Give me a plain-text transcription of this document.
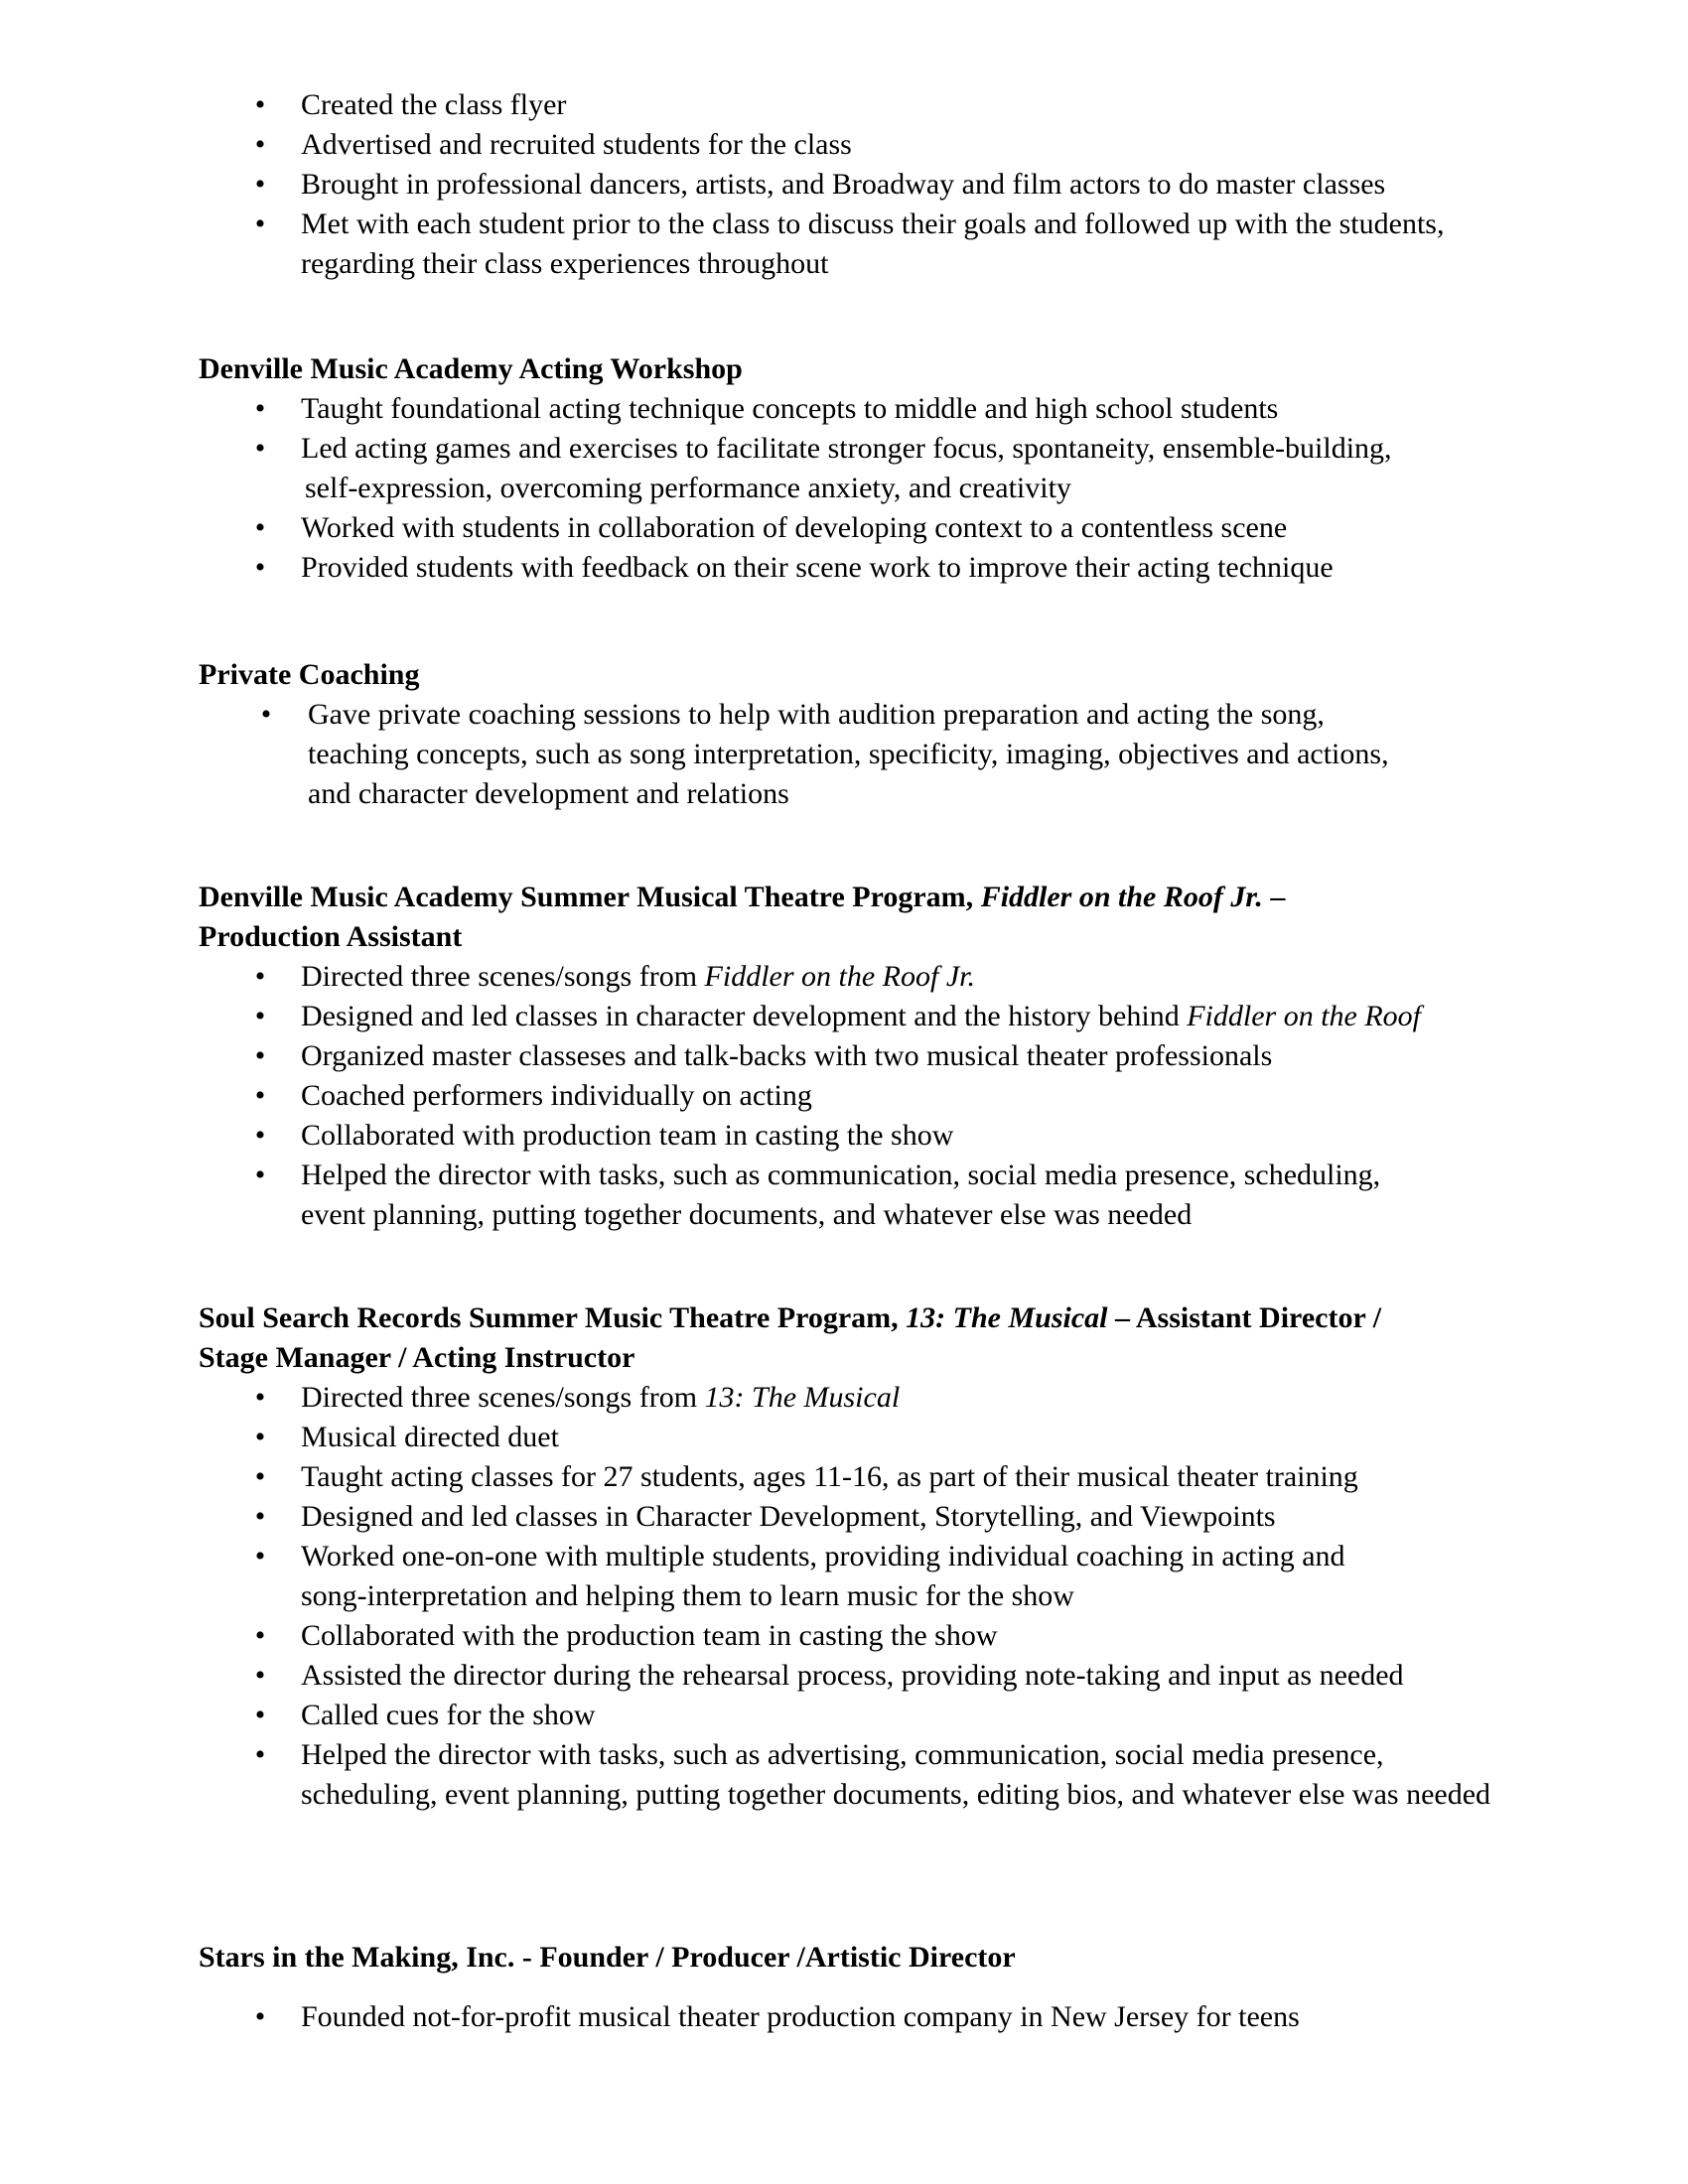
• Created the class flyer
• Advertised and recruited students for the class
• Brought in professional dancers, artists, and Broadway and film actors to do master classes
• Met with each student prior to the class to discuss their goals and followed up with the students,
regarding their class experiences throughout

Denville Music Academy Acting Workshop

• Taught foundational acting technique concepts to middle and high school students
• Led acting games and exercises to facilitate stronger focus, spontaneity, ensemble-building,
self-expression, overcoming performance anxiety, and creativity
• Worked with students in collaboration of developing context to a contentless scene
• Provided students with feedback on their scene work to improve their acting technique

Private Coaching

• Gave private coaching sessions to help with audition preparation and acting the song,
teaching concepts, such as song interpretation, specificity, imaging, objectives and actions,
and character development and relations

Denville Music Academy Summer Musical Theatre Program, Fiddler on the Roof Jr. –
Production Assistant

• Directed three scenes/songs from Fiddler on the Roof Jr.
• Designed and led classes in character development and the history behind Fiddler on the Roof
• Organized master classeses and talk-backs with two musical theater professionals
• Coached performers individually on acting
• Collaborated with production team in casting the show
• Helped the director with tasks, such as communication, social media presence, scheduling,
event planning, putting together documents, and whatever else was needed

Soul Search Records Summer Music Theatre Program, 13: The Musical – Assistant Director /
Stage Manager / Acting Instructor

• Directed three scenes/songs from 13: The Musical
• Musical directed duet
• Taught acting classes for 27 students, ages 11-16, as part of their musical theater training
• Designed and led classes in Character Development, Storytelling, and Viewpoints
• Worked one-on-one with multiple students, providing individual coaching in acting and
song-interpretation and helping them to learn music for the show
• Collaborated with the production team in casting the show
• Assisted the director during the rehearsal process, providing note-taking and input as needed
• Called cues for the show
• Helped the director with tasks, such as advertising, communication, social media presence,
scheduling, event planning, putting together documents, editing bios, and whatever else was needed

Stars in the Making, Inc. - Founder / Producer /Artistic Director

• Founded not-for-profit musical theater production company in New Jersey for teens
